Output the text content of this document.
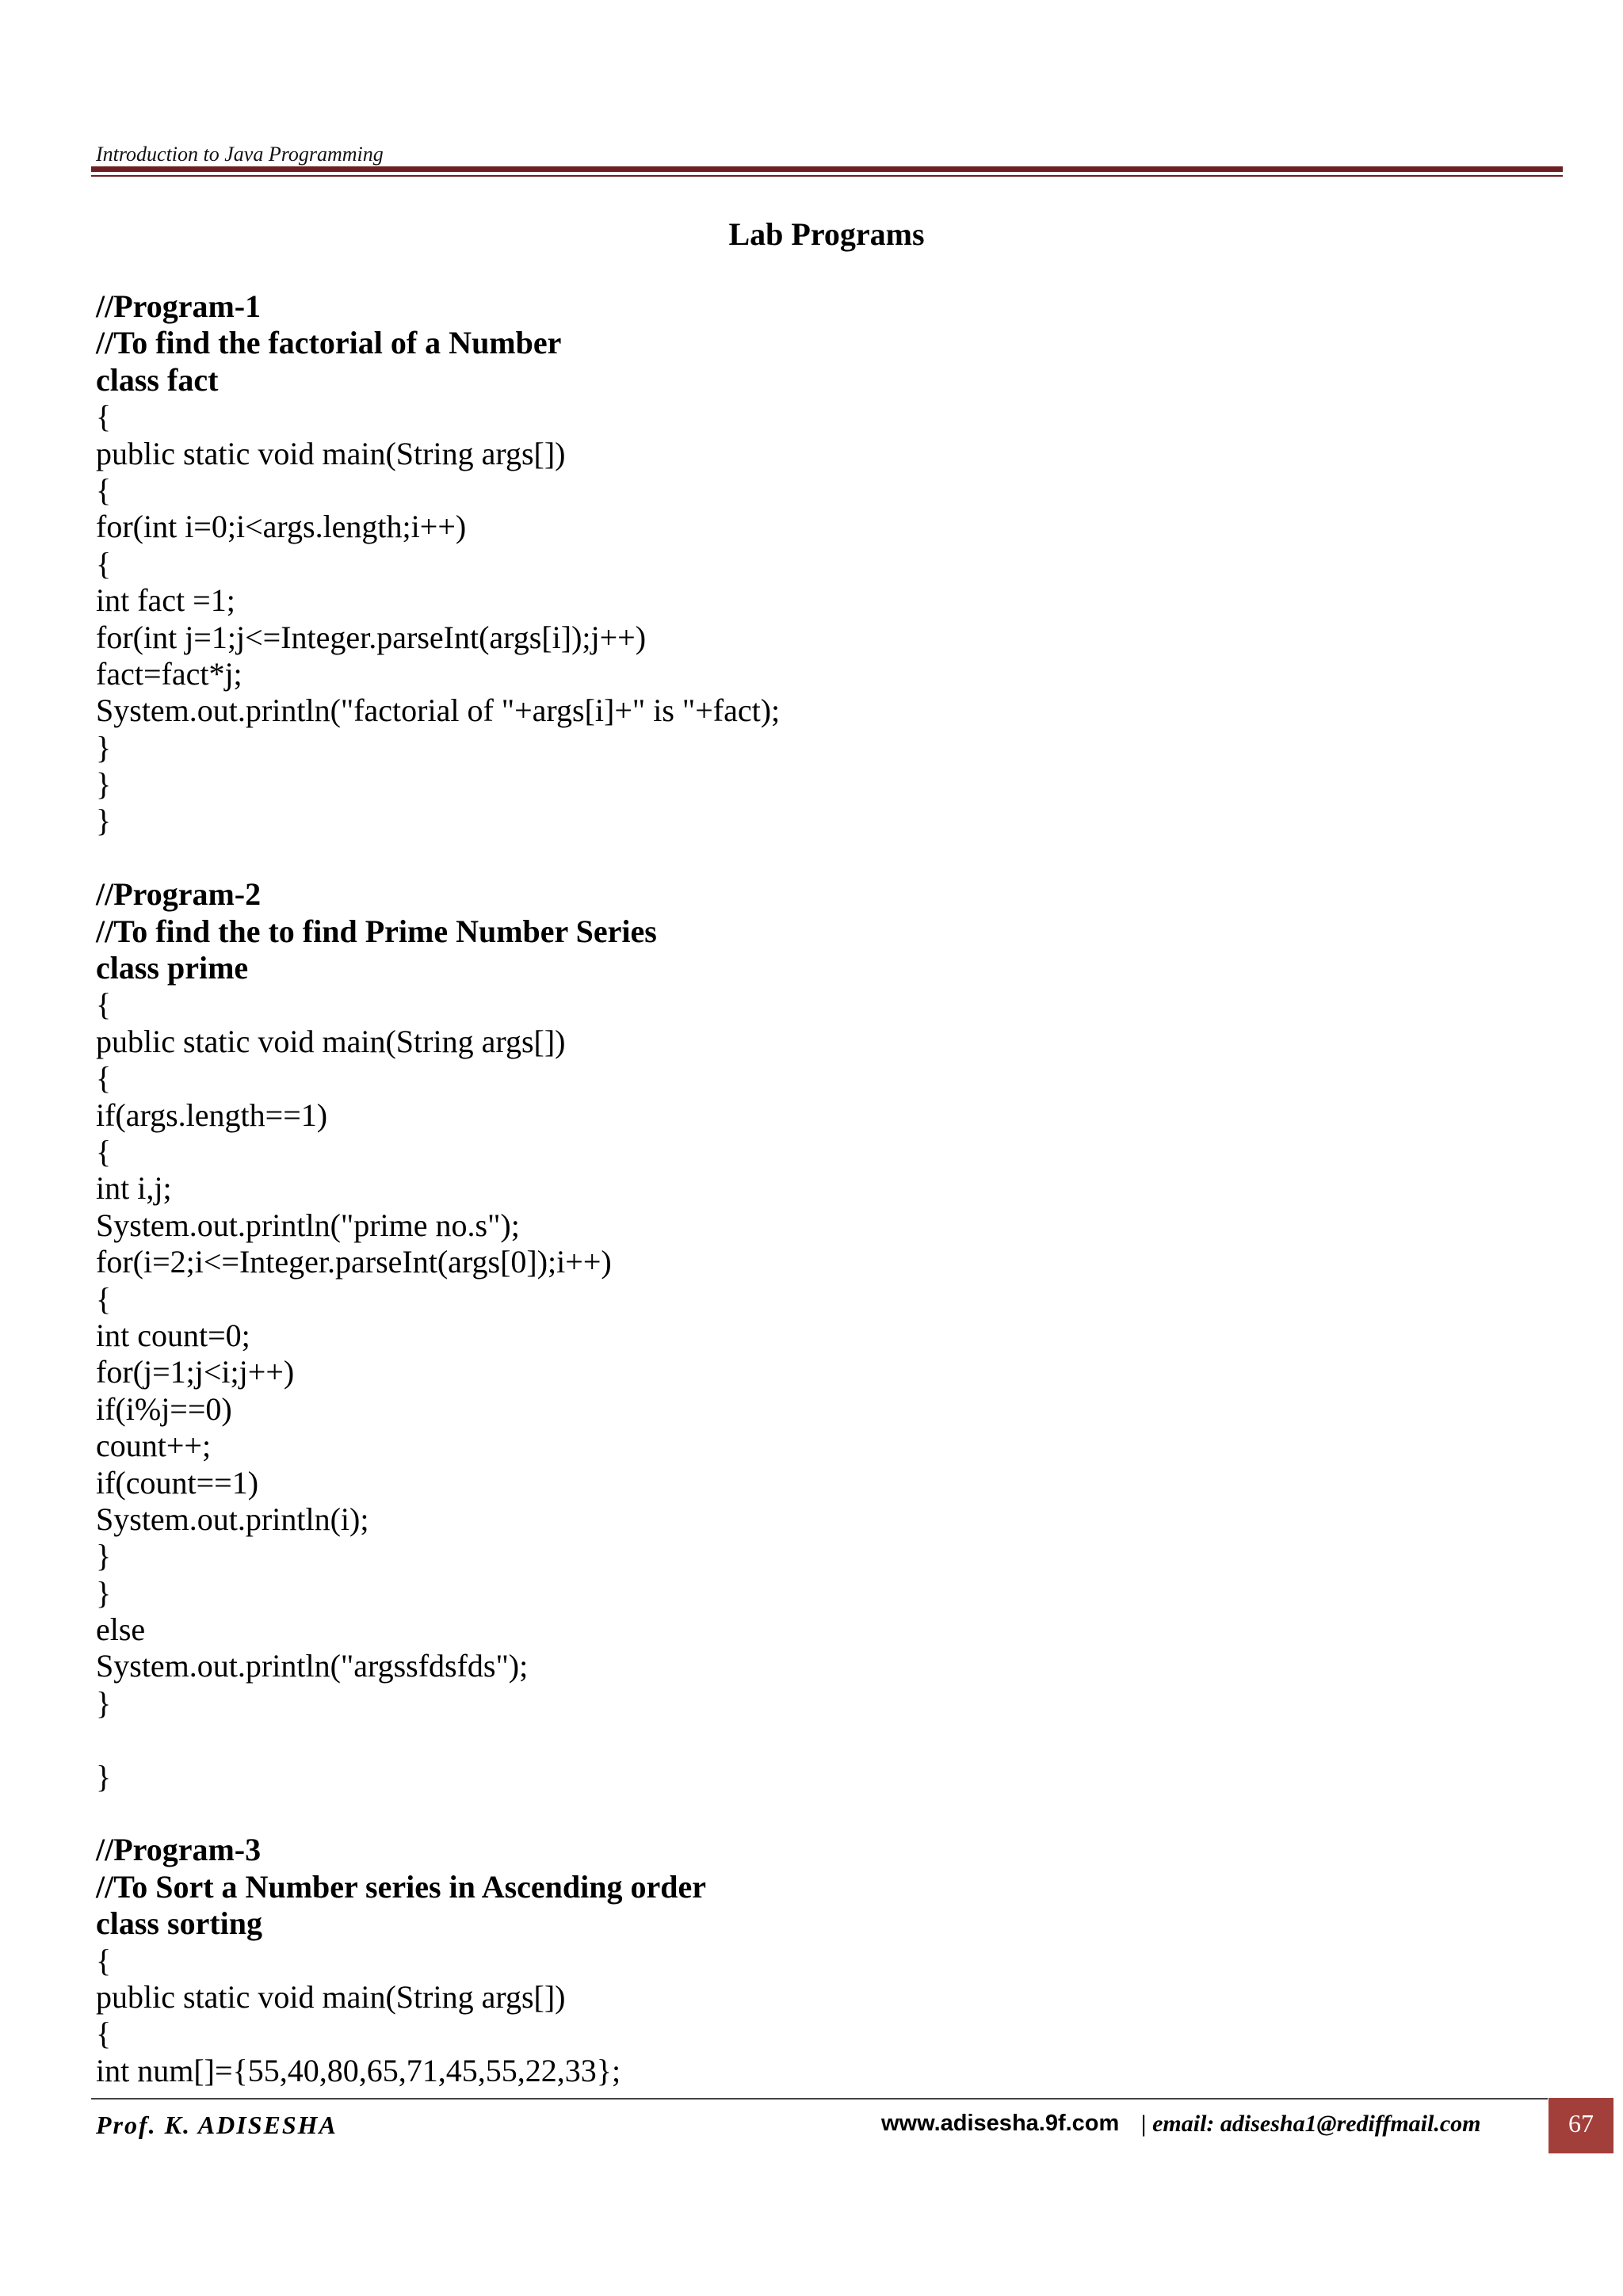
Introduction to Java Programming
Lab Programs
//Program-1
//To find the factorial of a Number
class fact
{
public static void main(String args[])
{
for(int i=0;i<args.length;i++)
{
int fact =1;
for(int j=1;j<=Integer.parseInt(args[i]);j++)
fact=fact*j;
System.out.println("factorial of "+args[i]+" is "+fact);
}
}
}
//Program-2
//To find the to find Prime Number Series
class prime
{
public static void main(String args[])
{
if(args.length==1)
{
int i,j;
System.out.println("prime no.s");
for(i=2;i<=Integer.parseInt(args[0]);i++)
{
int count=0;
for(j=1;j<i;j++)
if(i%j==0)
count++;
if(count==1)
System.out.println(i);
}
}
else
System.out.println("argssfdsfds");
}
}
//Program-3
//To Sort a Number series in Ascending order
class sorting
{
public static void main(String args[])
{
int num[]={55,40,80,65,71,45,55,22,33};
Prof. K. ADISESHA	www.adisesha.9f.com | email: adisesha1@rediffmail.com	67
